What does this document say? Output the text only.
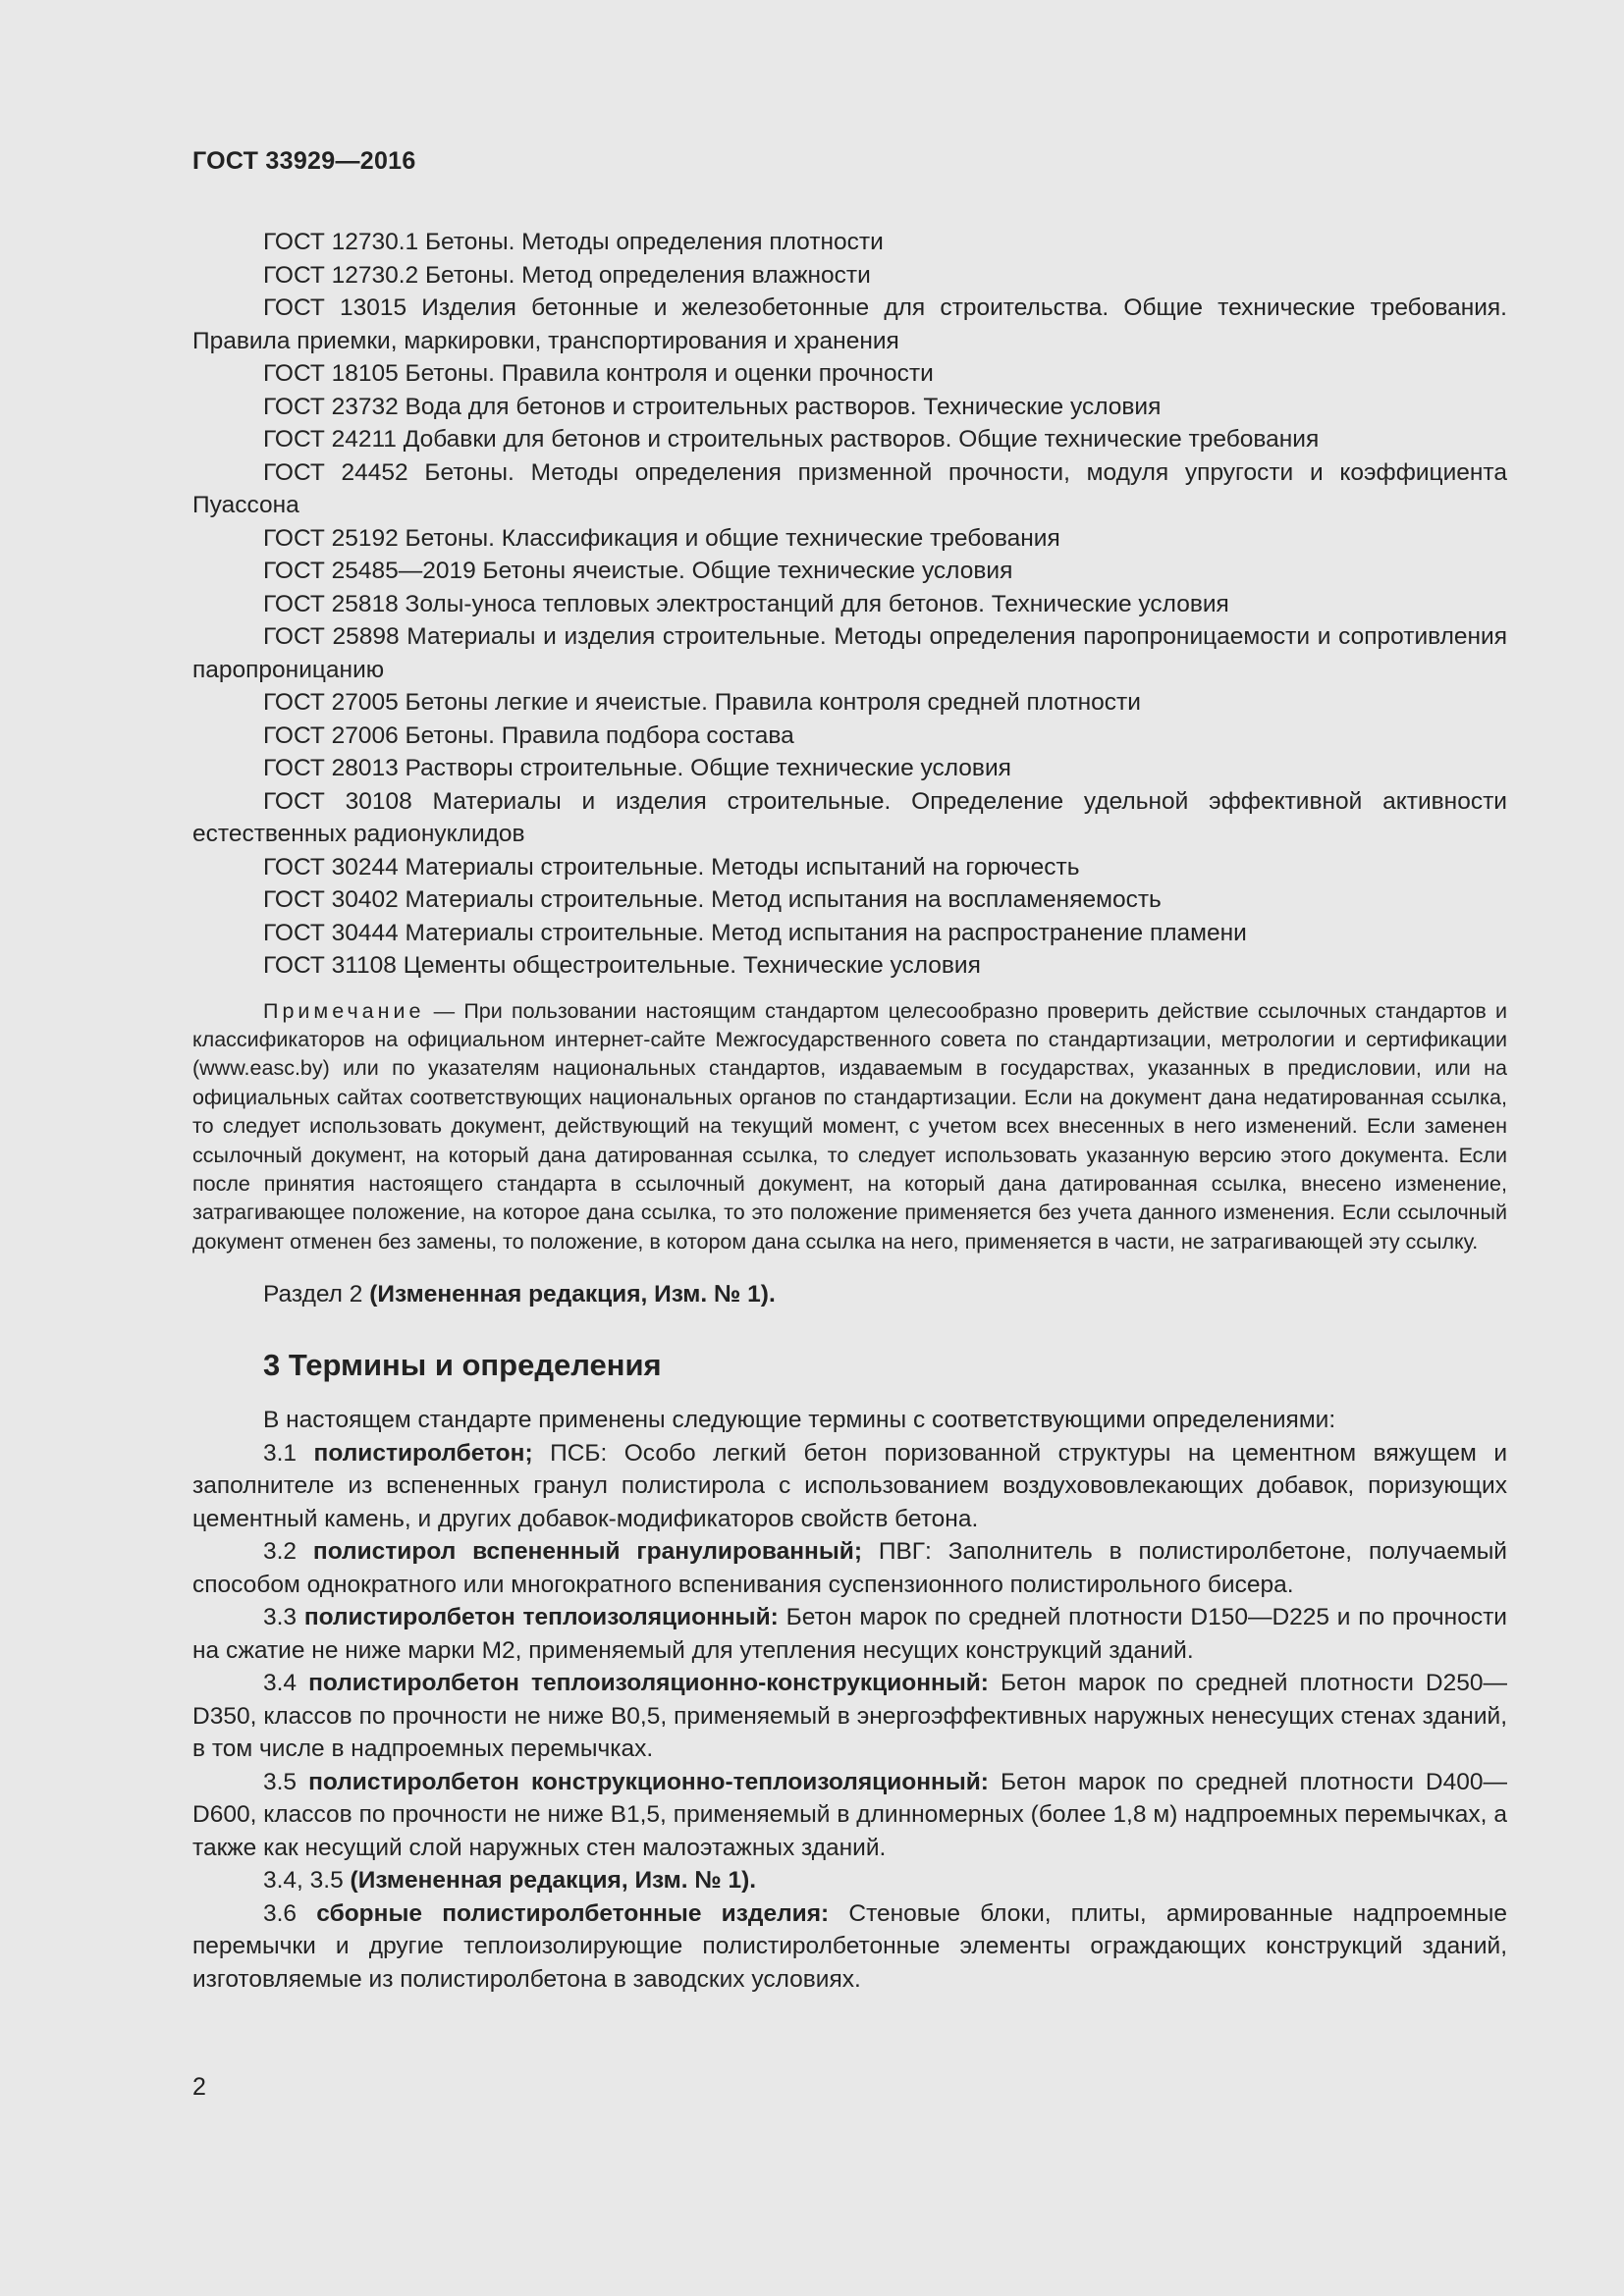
ГОСТ 33929—2016

ГОСТ 12730.1 Бетоны. Методы определения плотности

ГОСТ 12730.2 Бетоны. Метод определения влажности

ГОСТ 13015 Изделия бетонные и железобетонные для строительства. Общие технические требования. Правила приемки, маркировки, транспортирования и хранения

ГОСТ 18105 Бетоны. Правила контроля и оценки прочности

ГОСТ 23732 Вода для бетонов и строительных растворов. Технические условия

ГОСТ 24211 Добавки для бетонов и строительных растворов. Общие технические требования

ГОСТ 24452 Бетоны. Методы определения призменной прочности, модуля упругости и коэффициента Пуассона

ГОСТ 25192 Бетоны. Классификация и общие технические требования

ГОСТ 25485—2019 Бетоны ячеистые. Общие технические условия

ГОСТ 25818 Золы-уноса тепловых электростанций для бетонов. Технические условия

ГОСТ 25898 Материалы и изделия строительные. Методы определения паропроницаемости и сопротивления паропроницанию

ГОСТ 27005 Бетоны легкие и ячеистые. Правила контроля средней плотности

ГОСТ 27006 Бетоны. Правила подбора состава

ГОСТ 28013 Растворы строительные. Общие технические условия

ГОСТ 30108 Материалы и изделия строительные. Определение удельной эффективной активности естественных радионуклидов

ГОСТ 30244 Материалы строительные. Методы испытаний на горючесть

ГОСТ 30402 Материалы строительные. Метод испытания на воспламеняемость

ГОСТ 30444 Материалы строительные. Метод испытания на распространение пламени

ГОСТ 31108 Цементы общестроительные. Технические условия

Примечание — При пользовании настоящим стандартом целесообразно проверить действие ссылочных стандартов и классификаторов на официальном интернет-сайте Межгосударственного совета по стандартизации, метрологии и сертификации (www.easc.by) или по указателям национальных стандартов, издаваемым в государствах, указанных в предисловии, или на официальных сайтах соответствующих национальных органов по стандартизации. Если на документ дана недатированная ссылка, то следует использовать документ, действующий на текущий момент, с учетом всех внесенных в него изменений. Если заменен ссылочный документ, на который дана датированная ссылка, то следует использовать указанную версию этого документа. Если после принятия настоящего стандарта в ссылочный документ, на который дана датированная ссылка, внесено изменение, затрагивающее положение, на которое дана ссылка, то это положение применяется без учета данного изменения. Если ссылочный документ отменен без замены, то положение, в котором дана ссылка на него, применяется в части, не затрагивающей эту ссылку.

Раздел 2 (Измененная редакция, Изм. № 1).

3 Термины и определения

В настоящем стандарте применены следующие термины с соответствующими определениями:

3.1 полистиролбетон; ПСБ: Особо легкий бетон поризованной структуры на цементном вяжущем и заполнителе из вспененных гранул полистирола с использованием воздухововлекающих добавок, поризующих цементный камень, и других добавок-модификаторов свойств бетона.

3.2 полистирол вспененный гранулированный; ПВГ: Заполнитель в полистиролбетоне, получаемый способом однократного или многократного вспенивания суспензионного полистирольного бисера.

3.3 полистиролбетон теплоизоляционный: Бетон марок по средней плотности D150—D225 и по прочности на сжатие не ниже марки М2, применяемый для утепления несущих конструкций зданий.

3.4 полистиролбетон теплоизоляционно-конструкционный: Бетон марок по средней плотности D250—D350, классов по прочности не ниже В0,5, применяемый в энергоэффективных наружных ненесущих стенах зданий, в том числе в надпроемных перемычках.

3.5 полистиролбетон конструкционно-теплоизоляционный: Бетон марок по средней плотности D400—D600, классов по прочности не ниже В1,5, применяемый в длинномерных (более 1,8 м) надпроемных перемычках, а также как несущий слой наружных стен малоэтажных зданий.

3.4, 3.5 (Измененная редакция, Изм. № 1).

3.6 сборные полистиролбетонные изделия: Стеновые блоки, плиты, армированные надпроемные перемычки и другие теплоизолирующие полистиролбетонные элементы ограждающих конструкций зданий, изготовляемые из полистиролбетона в заводских условиях.

2
